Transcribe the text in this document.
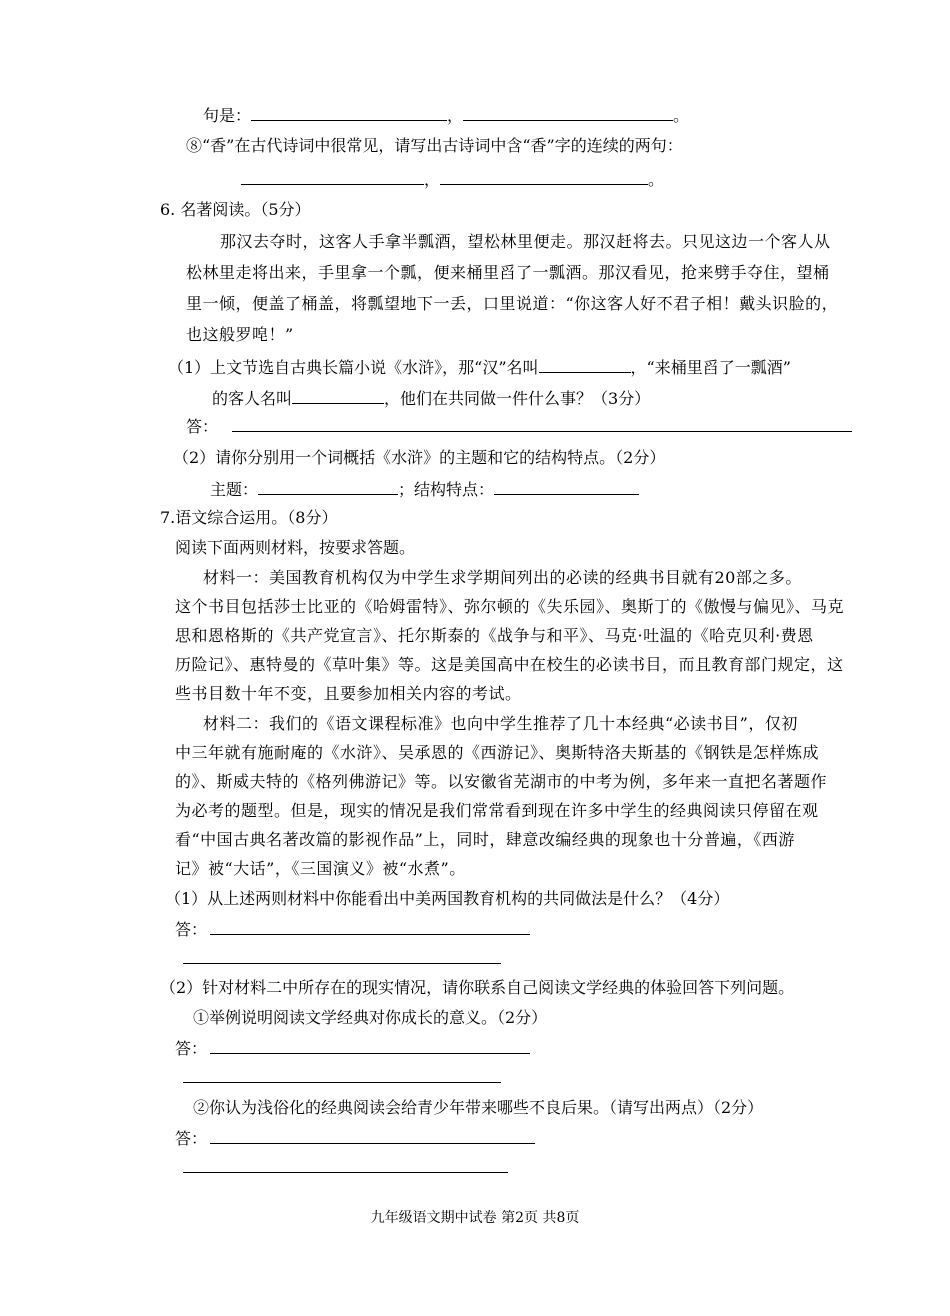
句是：	，	。
⑧“香”在古代诗词中很常见，请写出古诗词中含“香”字的连续的两句：
，	。
6. 名著阅读。（5分）
那汉去夺时，这客人手拿半瓢酒，望松林里便走。那汉赶将去。只见这边一个客人从
松林里走将出来，手里拿一个瓢，便来桶里舀了一瓢酒。那汉看见，抢来劈手夺住，望桶
里一倾，便盖了桶盖，将瓢望地下一丢，口里说道：“你这客人好不君子相！戴头识脸的，
也这般罗唣！”
（1）上文节选自古典长篇小说《水浒》，那“汉”名叫	，“来桶里舀了一瓢酒”
的客人名叫	，他们在共同做一件什么事？（3分）
答：
（2）请你分别用一个词概括《水浒》的主题和它的结构特点。（2分）
主题：	；结构特点：
7.语文综合运用。（8分）
阅读下面两则材料，按要求答题。
材料一：美国教育机构仅为中学生求学期间列出的必读的经典书目就有20部之多。
这个书目包括莎士比亚的《哈姆雷特》、弥尔顿的《失乐园》、奥斯丁的《傲慢与偏见》、马克
思和恩格斯的《共产党宣言》、托尔斯泰的《战争与和平》、马克·吐温的《哈克贝利·费恩
历险记》、惠特曼的《草叶集》等。这是美国高中在校生的必读书目，而且教育部门规定，这
些书目数十年不变，且要参加相关内容的考试。
材料二：我们的《语文课程标准》也向中学生推荐了几十本经典“必读书目”，仅初
中三年就有施耐庵的《水浒》、吴承恩的《西游记》、奥斯特洛夫斯基的《钢铁是怎样炼成
的》、斯威夫特的《格列佛游记》等。以安徽省芜湖市的中考为例，多年来一直把名著题作
为必考的题型。但是，现实的情况是我们常常看到现在许多中学生的经典阅读只停留在观
看“中国古典名著改篇的影视作品”上，同时，肆意改编经典的现象也十分普遍，《西游
记》被“大话”，《三国演义》被“水煮”。
（1）从上述两则材料中你能看出中美两国教育机构的共同做法是什么？（4分）
答：
（2）针对材料二中所存在的现实情况，请你联系自己阅读文学经典的体验回答下列问题。
①举例说明阅读文学经典对你成长的意义。（2分）
答：
②你认为浅俗化的经典阅读会给青少年带来哪些不良后果。（请写出两点）（2分）
答：
九年级语文期中试卷 第2页 共8页
